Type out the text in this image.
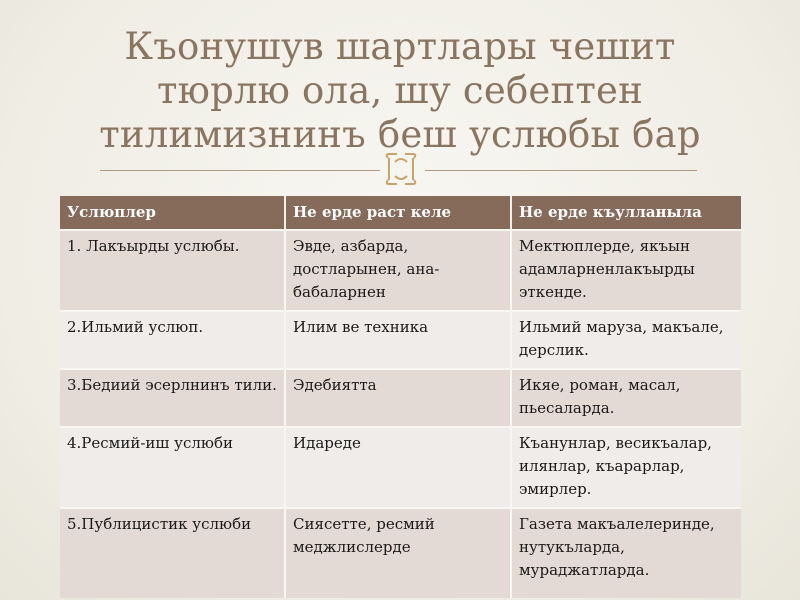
Къонушув шартлары чешит
тюрлю ола, шу себептен
тилимизнинъ беш услюбы бар
Услюплер	Не ерде раст келе	Не ерде къулланыла
1. Лакъырды услюбы.	Эвде, азбарда, достларынен, ана-бабаларнен	Мектюплерде, якъын адамларненлакъырды эткенде.
2.Ильмий услюп.	Илим ве техника	Ильмий маруза, макъале, дерслик.
3.Бедиий эсерлнинъ тили.	Эдебиятта	Икяе, роман, масал, пьесаларда.
4.Ресмий-иш услюби	Идареде	Къанунлар, весикъалар, илянлар, къарарлар, эмирлер.
5.Публицистик услюби	Сиясетте, ресмий меджлислерде	Газета макъалелеринде, нутукъларда, мураджатларда.
